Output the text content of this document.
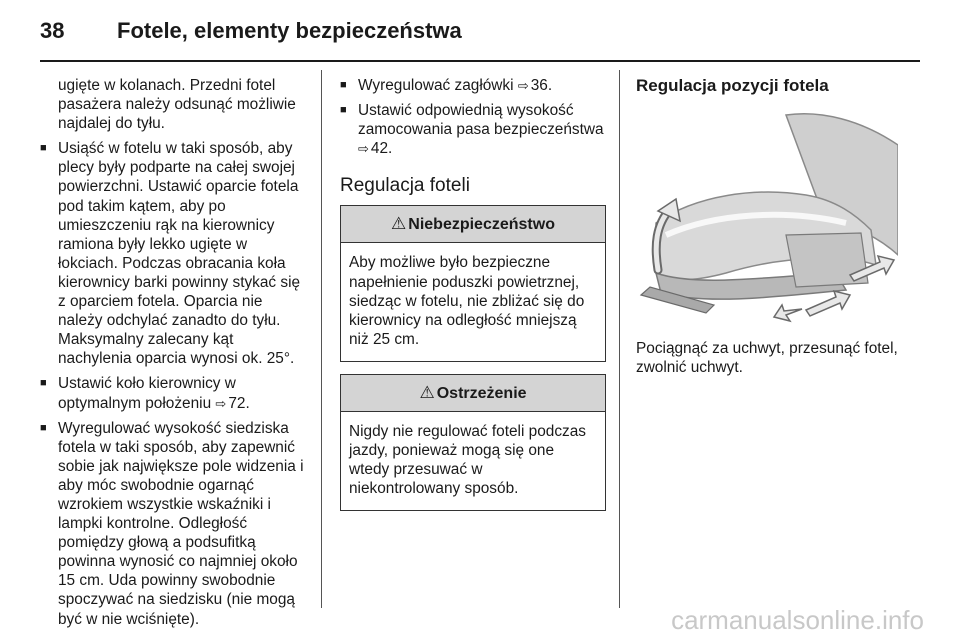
38 Fotele, elementy bezpieczeństwa

ugięte w kolanach. Przedni fotel pasażera należy odsunąć możliwie najdalej do tyłu.

■ Usiąść w fotelu w taki sposób, aby plecy były podparte na całej swojej powierzchni. Ustawić oparcie fotela pod takim kątem, aby po umieszczeniu rąk na kierownicy ramiona były lekko ugięte w łokciach. Podczas obracania koła kierownicy barki powinny stykać się z oparciem fotela. Oparcia nie należy odchylać zanadto do tyłu. Maksymalny zalecany kąt nachylenia oparcia wynosi ok. 25°.
■ Ustawić koło kierownicy w optymalnym położeniu ⇨ 72.
■ Wyregulować wysokość siedziska fotela w taki sposób, aby zapewnić sobie jak największe pole widzenia i aby móc swobodnie ogarnąć wzrokiem wszystkie wskaźniki i lampki kontrolne. Odległość pomiędzy głową a podsufitką powinna wynosić co najmniej około 15 cm. Uda powinny swobodnie spoczywać na siedzisku (nie mogą być w nie wciśnięte).
■ Wyregulować zagłówki ⇨ 36.
■ Ustawić odpowiednią wysokość zamocowania pasa bezpieczeństwa ⇨ 42.
Regulacja foteli
⚠ Niebezpieczeństwo
Aby możliwe było bezpieczne napełnienie poduszki powietrznej, siedząc w fotelu, nie zbliżać się do kierownicy na odległość mniejszą niż 25 cm.
⚠ Ostrzeżenie
Nigdy nie regulować foteli podczas jazdy, ponieważ mogą się one wtedy przesuwać w niekontrolowany sposób.
Regulacja pozycji fotela

Pociągnąć za uchwyt, przesunąć fotel, zwolnić uchwyt.

carmanualsonline.info
